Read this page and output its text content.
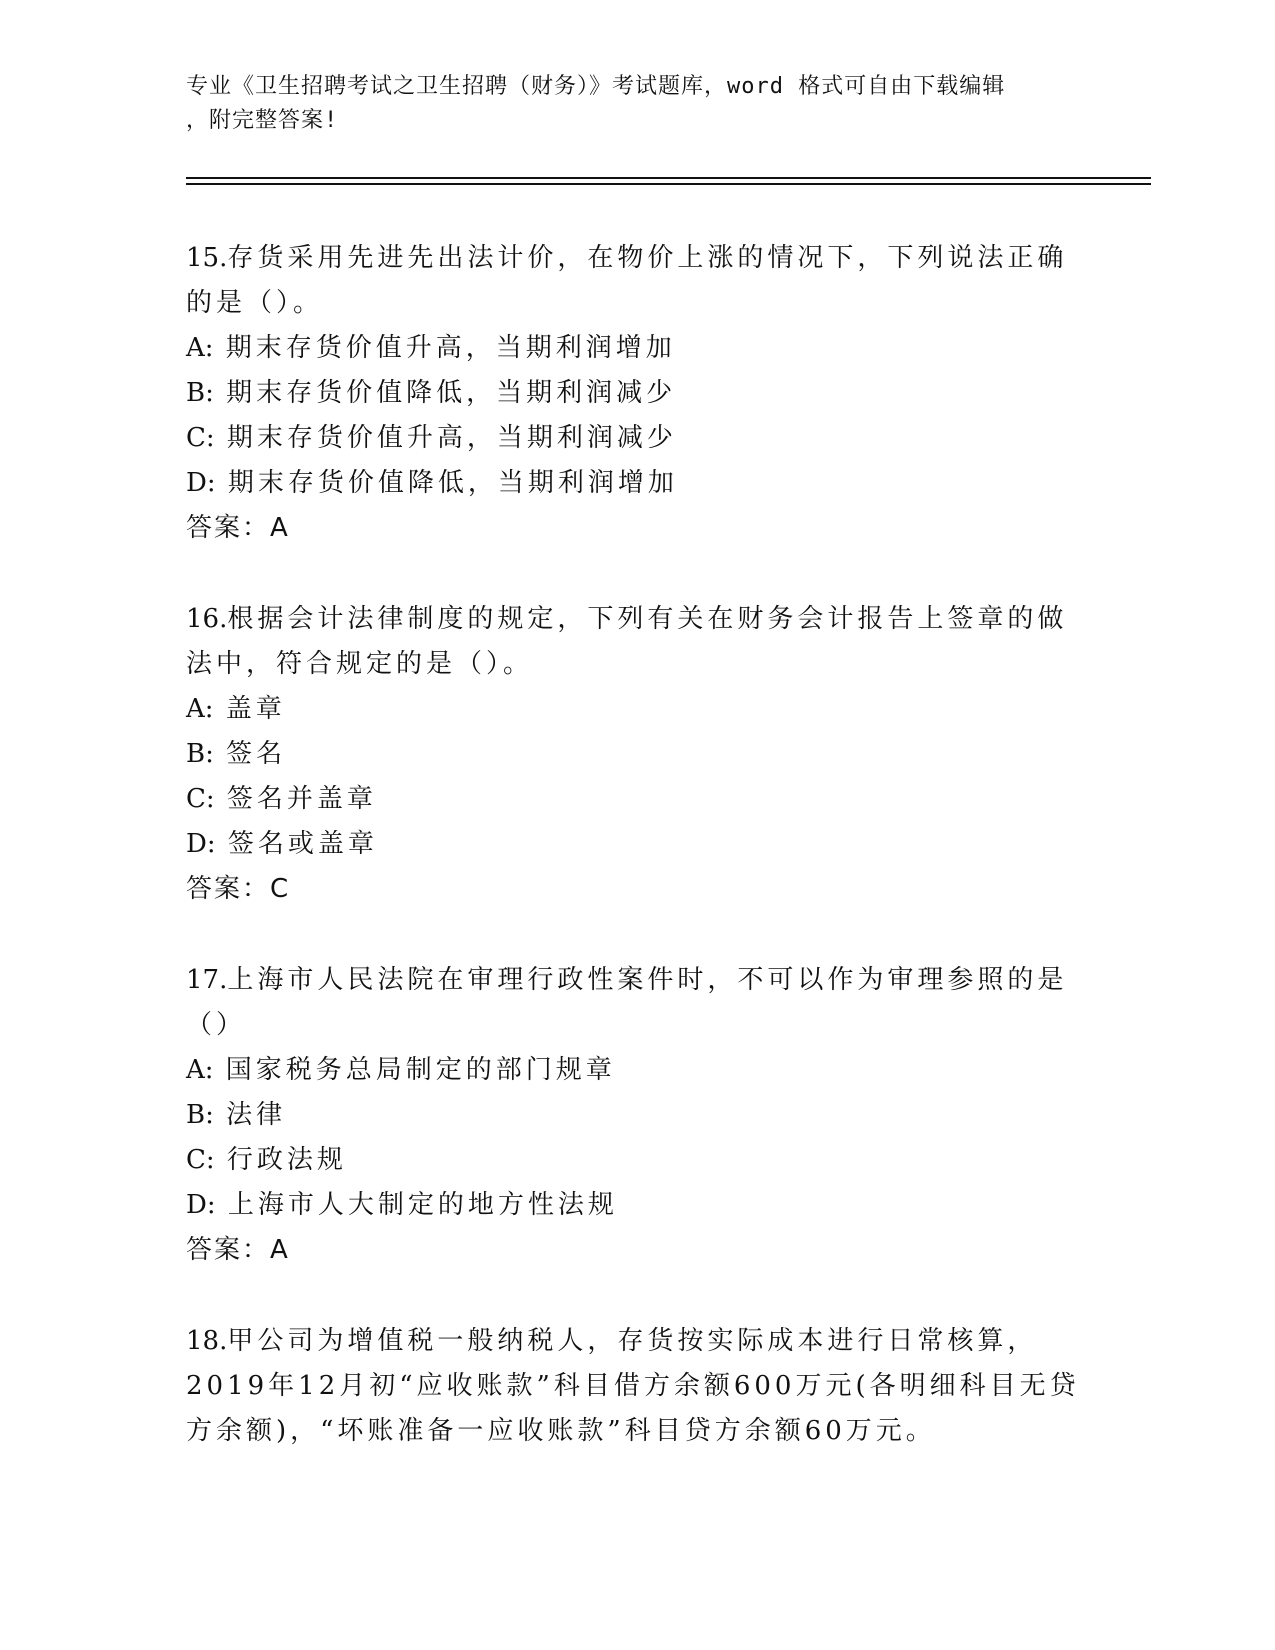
专业《卫生招聘考试之卫生招聘（财务）》考试题库，word 格式可自由下载编辑
，附完整答案!
15.存货采用先进先出法计价，在物价上涨的情况下，下列说法正确的是（）。
A: 期末存货价值升高，当期利润增加
B: 期末存货价值降低，当期利润减少
C: 期末存货价值升高，当期利润减少
D: 期末存货价值降低，当期利润增加
答案：A
16.根据会计法律制度的规定，下列有关在财务会计报告上签章的做法中，符合规定的是（）。
A: 盖章
B: 签名
C: 签名并盖章
D: 签名或盖章
答案：C
17.上海市人民法院在审理行政性案件时，不可以作为审理参照的是（）
A: 国家税务总局制定的部门规章
B: 法律
C: 行政法规
D: 上海市人大制定的地方性法规
答案：A
18.甲公司为增值税一般纳税人，存货按实际成本进行日常核算，2019年12月初“应收账款”科目借方余额600万元(各明细科目无贷方余额)，“坏账准备一应收账款”科目贷方余额60万元。
